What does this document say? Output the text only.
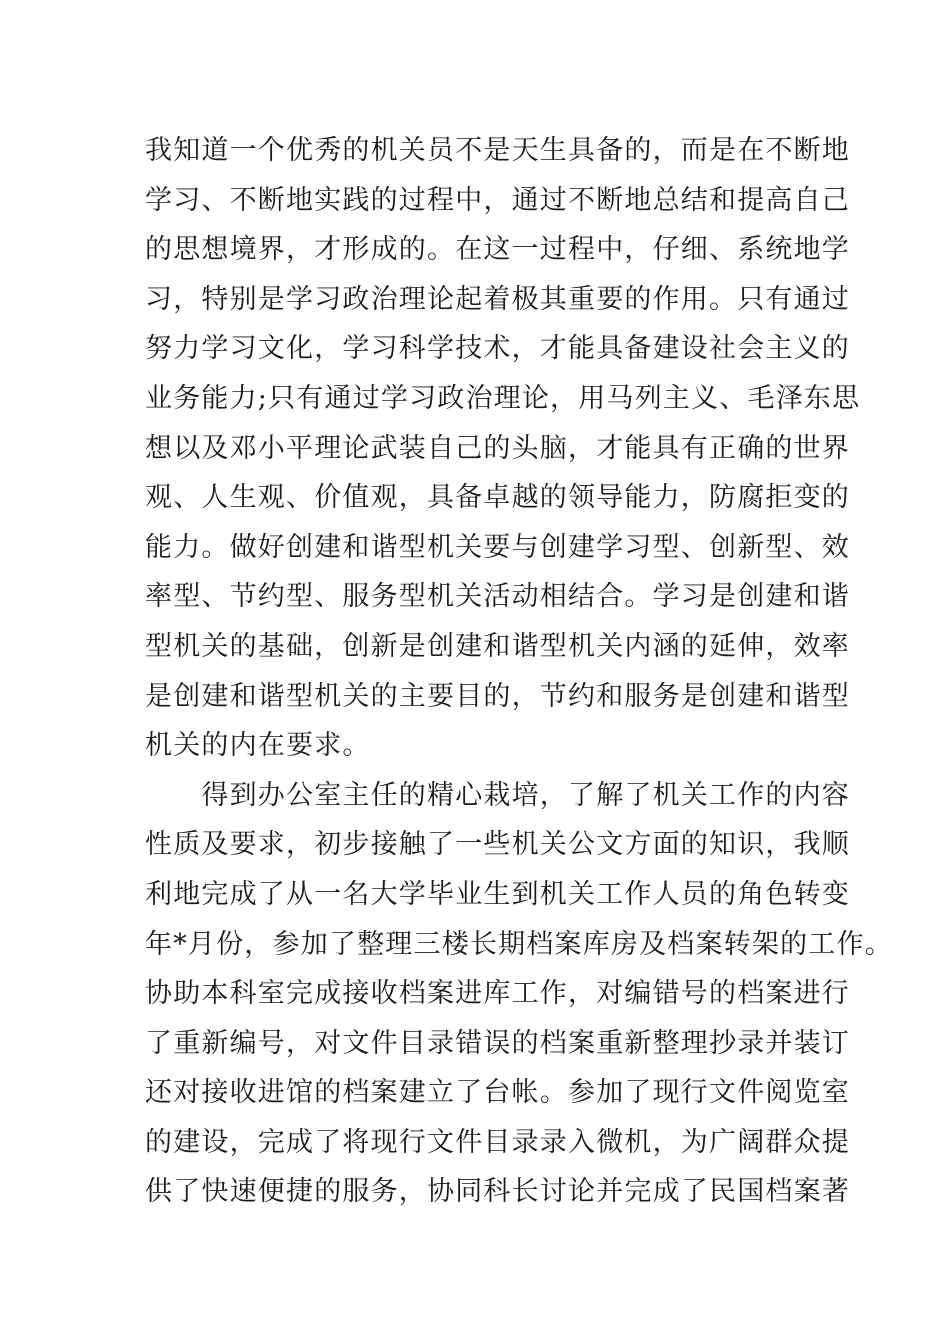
我知道一个优秀的机关员不是天生具备的，而是在不断地
学习、不断地实践的过程中，通过不断地总结和提高自己
的思想境界，才形成的。在这一过程中，仔细、系统地学
习，特别是学习政治理论起着极其重要的作用。只有通过
努力学习文化，学习科学技术，才能具备建设社会主义的
业务能力;只有通过学习政治理论，用马列主义、毛泽东思
想以及邓小平理论武装自己的头脑，才能具有正确的世界
观、人生观、价值观，具备卓越的领导能力，防腐拒变的
能力。做好创建和谐型机关要与创建学习型、创新型、效
率型、节约型、服务型机关活动相结合。学习是创建和谐
型机关的基础，创新是创建和谐型机关内涵的延伸，效率
是创建和谐型机关的主要目的，节约和服务是创建和谐型
机关的内在要求。
　　得到办公室主任的精心栽培，了解了机关工作的内容
性质及要求，初步接触了一些机关公文方面的知识，我顺
利地完成了从一名大学毕业生到机关工作人员的角色转变
年*月份，参加了整理三楼长期档案库房及档案转架的工作。
协助本科室完成接收档案进库工作，对编错号的档案进行
了重新编号，对文件目录错误的档案重新整理抄录并装订
还对接收进馆的档案建立了台帐。参加了现行文件阅览室
的建设，完成了将现行文件目录录入微机，为广阔群众提
供了快速便捷的服务，协同科长讨论并完成了民国档案著
